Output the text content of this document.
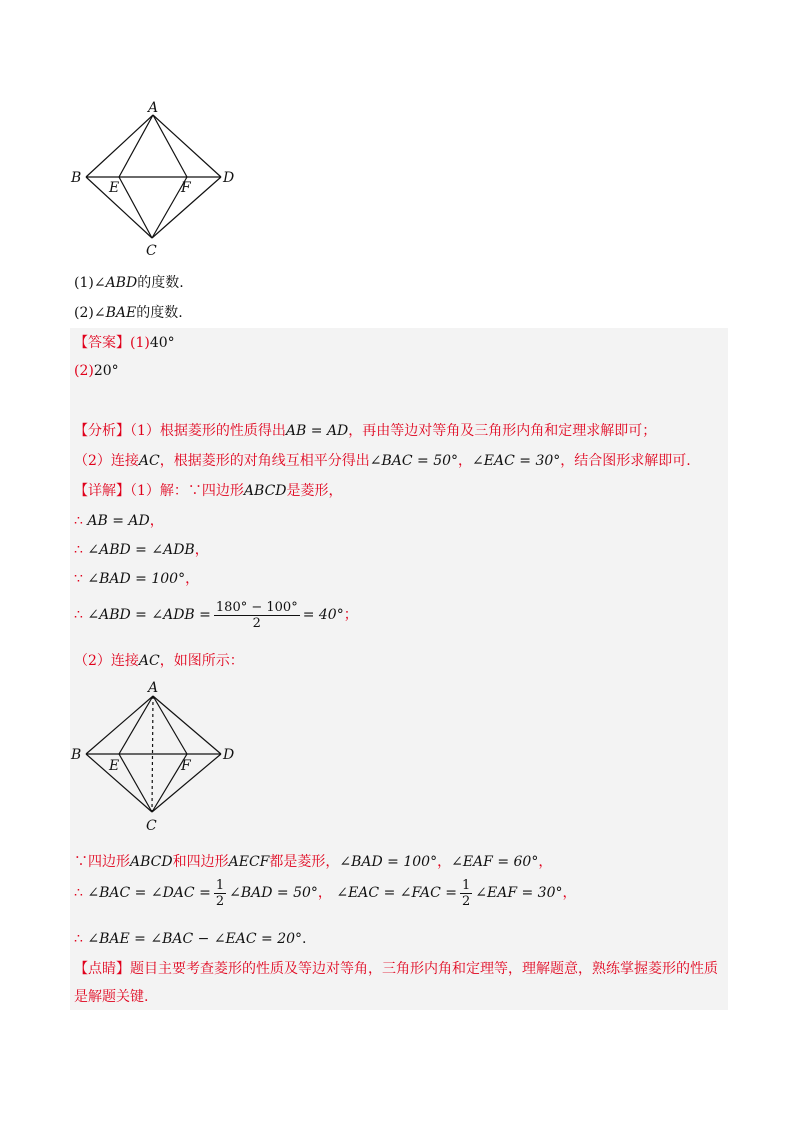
A
B	D
E	F
C
(1)∠ABD的度数.
(2)∠BAE的度数.
【答案】(1)40°
(2)20°
【分析】（1）根据菱形的性质得出AB = AD，再由等边对等角及三角形内角和定理求解即可；
（2）连接AC，根据菱形的对角线互相平分得出∠BAC = 50°，∠EAC = 30°，结合图形求解即可.
【详解】（1）解：∵四边形ABCD是菱形，
∴ AB = AD，
∴ ∠ABD = ∠ADB，
∵ ∠BAD = 100°，
∴ ∠ABD = ∠ADB = $\frac{180^\circ - 100^\circ}{2} = 40^\circ$；
（2）连接AC，如图所示：
A
B	D
E	F
C
∵四边形ABCD和四边形AECF都是菱形，∠BAD = 100°，∠EAF = 60°，
∴ ∠BAC = ∠DAC = $\frac{1}{2}$ ∠BAD = 50°， ∠EAC = ∠FAC = $\frac{1}{2}$ ∠EAF = 30°，
∴ ∠BAE = ∠BAC − ∠EAC = 20°.
【点睛】题目主要考查菱形的性质及等边对等角，三角形内角和定理等，理解题意，熟练掌握菱形的性质
是解题关键.
